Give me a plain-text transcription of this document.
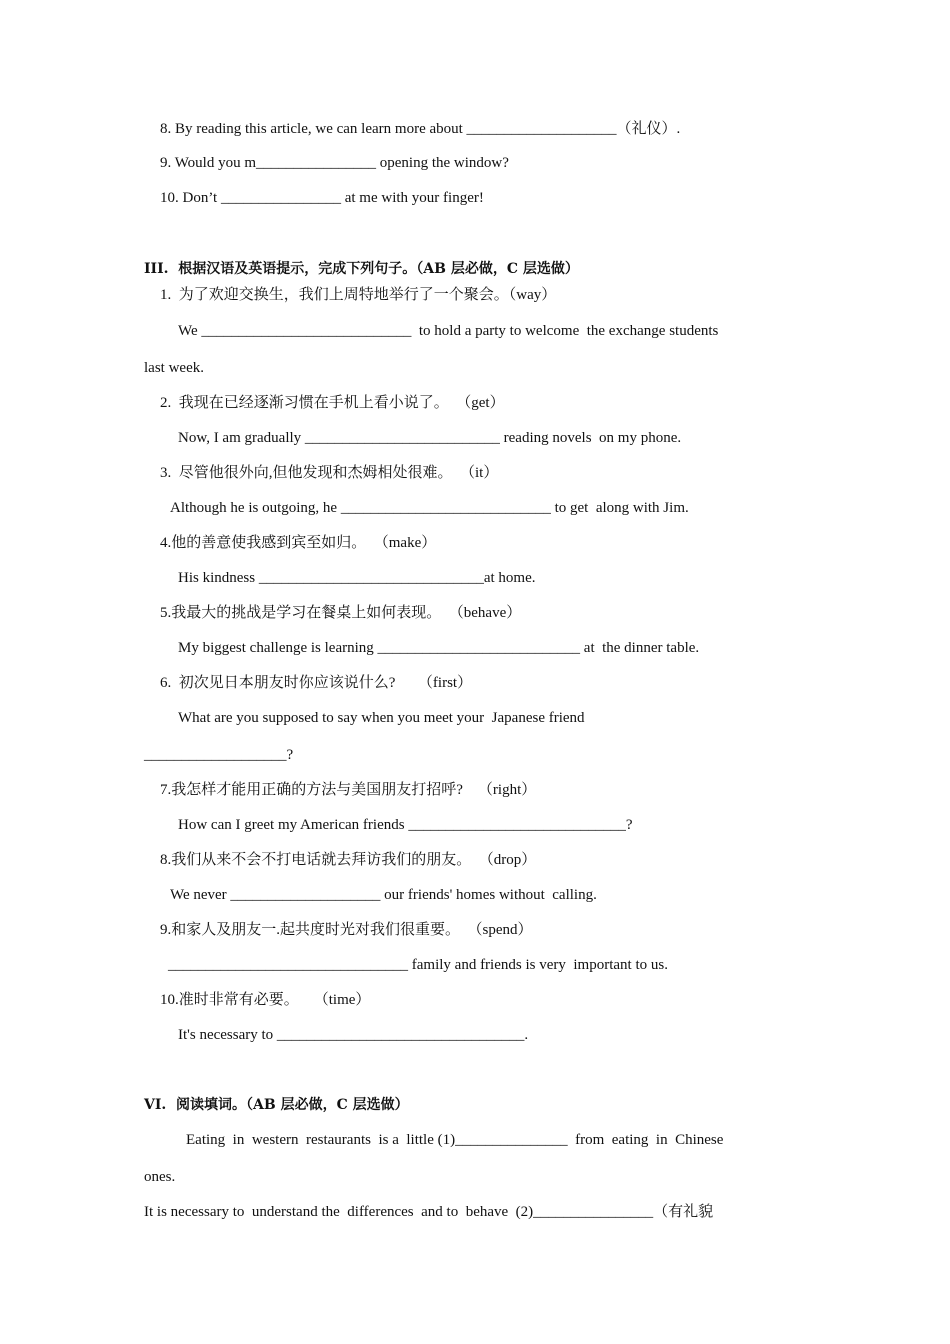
8. By reading this article, we can learn more about ____________________（礼仪）.
9. Would you m________________ opening the window?
10. Don’t ________________ at me with your finger!
III.  根据汉语及英语提示，完成下列句子。（AB 层必做，C 层选做）
1.  为了欢迎交换生，我们上周特地举行了一个聚会。（way）
We ____________________________  to hold a party to welcome  the exchange students
last week.
2.  我现在已经逐渐习惯在手机上看小说了。  （get）
Now, I am gradually __________________________ reading novels  on my phone.
3.  尽管他很外向,但他发现和杰姆相处很难。  （it）
Although he is outgoing, he ____________________________ to get  along with Jim.
4.他的善意使我感到宾至如归。  （make）
His kindness ______________________________at home.
5.我最大的挑战是学习在餐桌上如何表现。  （behave）
My biggest challenge is learning ___________________________ at  the dinner table.
6.  初次见日本朋友时你应该说什么?      （first）
What are you supposed to say when you meet your  Japanese friend
___________________?
7.我怎样才能用正确的方法与美国朋友打招呼?    （right）
How can I greet my American friends _____________________________?
8.我们从来不会不打电话就去拜访我们的朋友。  （drop）
We never ____________________ our friends' homes without  calling.
9.和家人及朋友一.起共度时光对我们很重要。  （spend）
________________________________ family and friends is very  important to us.
10.准时非常有必要。    （time）
It's necessary to _________________________________.
VI.  阅读填词。（AB 层必做，C 层选做）
Eating  in  western  restaurants  is a  little (1)_______________  from  eating  in  Chinese
ones.
It is necessary to  understand the  differences  and to  behave  (2)________________（有礼貌
